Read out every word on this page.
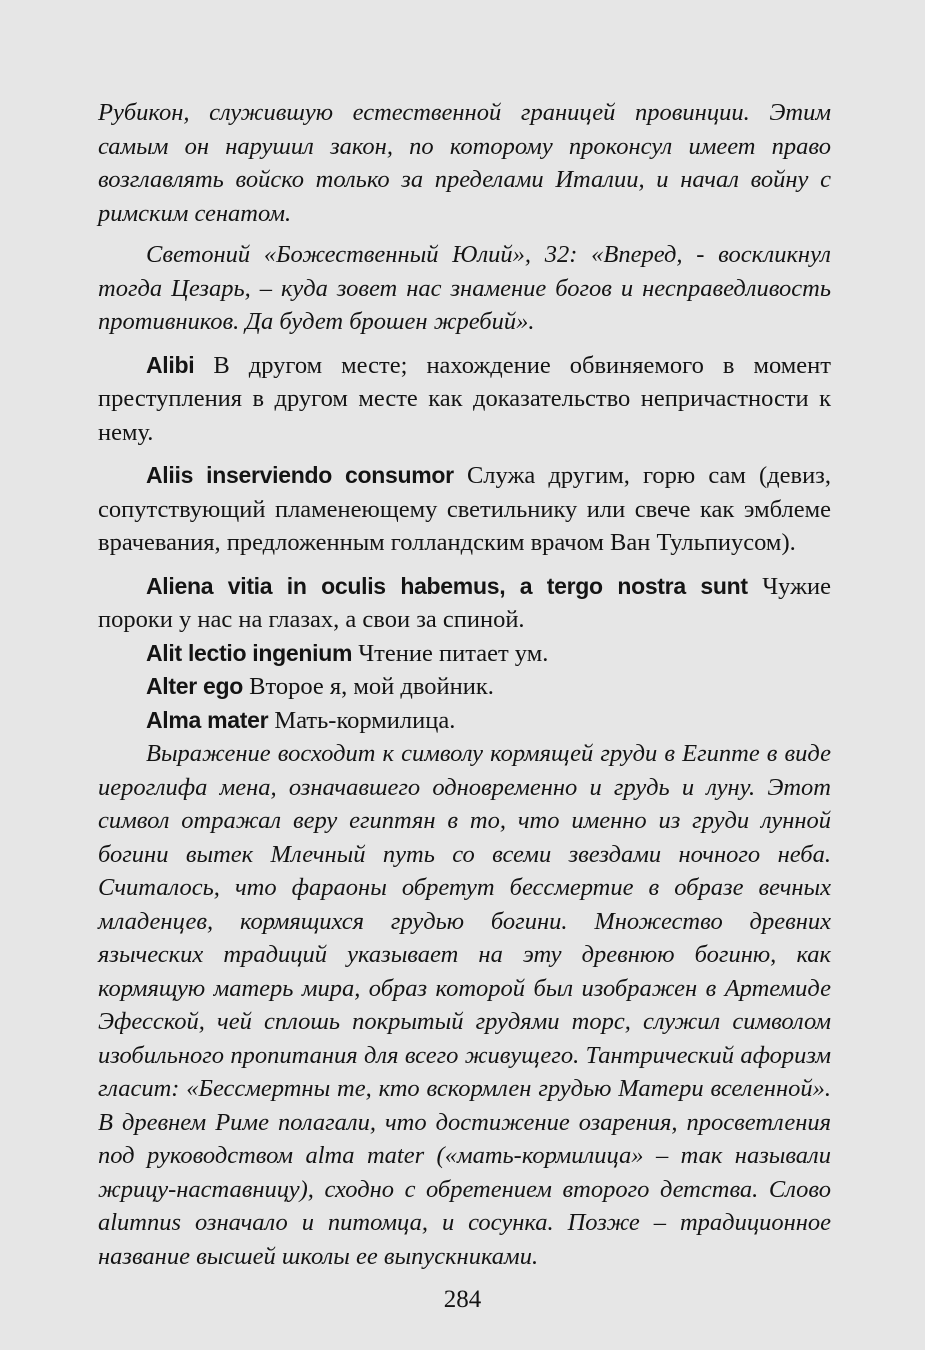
Рубикон, служившую естественной границей провинции. Этим самым он нарушил закон, по которому проконсул имеет право возглавлять войско только за пределами Италии, и начал войну с римским сенатом.

Светоний «Божественный Юлий», 32: «Вперед, - воскликнул тогда Цезарь, – куда зовет нас знамение богов и несправедливость противников. Да будет брошен жребий».

Alibi В другом месте; нахождение обвиняемого в момент преступления в другом месте как доказательство непричастности к нему.

Aliis inserviendo consumor Служа другим, горю сам (девиз, сопутствующий пламенеющему светильнику или свече как эмблеме врачевания, предложенным голландским врачом Ван Тульпиусом).

Aliena vitia in oculis habemus, a tergo nostra sunt Чужие пороки у нас на глазах, а свои за спиной.

Alit lectio ingenium Чтение питает ум.

Alter ego Второе я, мой двойник.

Alma mater Мать-кормилица.

Выражение восходит к символу кормящей груди в Египте в виде иероглифа мена, означавшего одновременно и грудь и луну. Этот символ отражал веру египтян в то, что именно из груди лунной богини вытек Млечный путь со всеми звездами ночного неба. Считалось, что фараоны обретут бессмертие в образе вечных младенцев, кормящихся грудью богини. Множество древних языческих традиций указывает на эту древнюю богиню, как кормящую матерь мира, образ которой был изображен в Артемиде Эфесской, чей сплошь покрытый грудями торс, служил символом изобильного пропитания для всего живущего. Тантрический афоризм гласит: «Бессмертны те, кто вскормлен грудью Матери вселенной». В древнем Риме полагали, что достижение озарения, просветления под руководством alma mater («мать-кормилица» – так называли жрицу-наставницу), сходно с обретением второго детства. Слово alumnus означало и питомца, и сосунка. Позже – традиционное название высшей школы ее выпускниками.

284
